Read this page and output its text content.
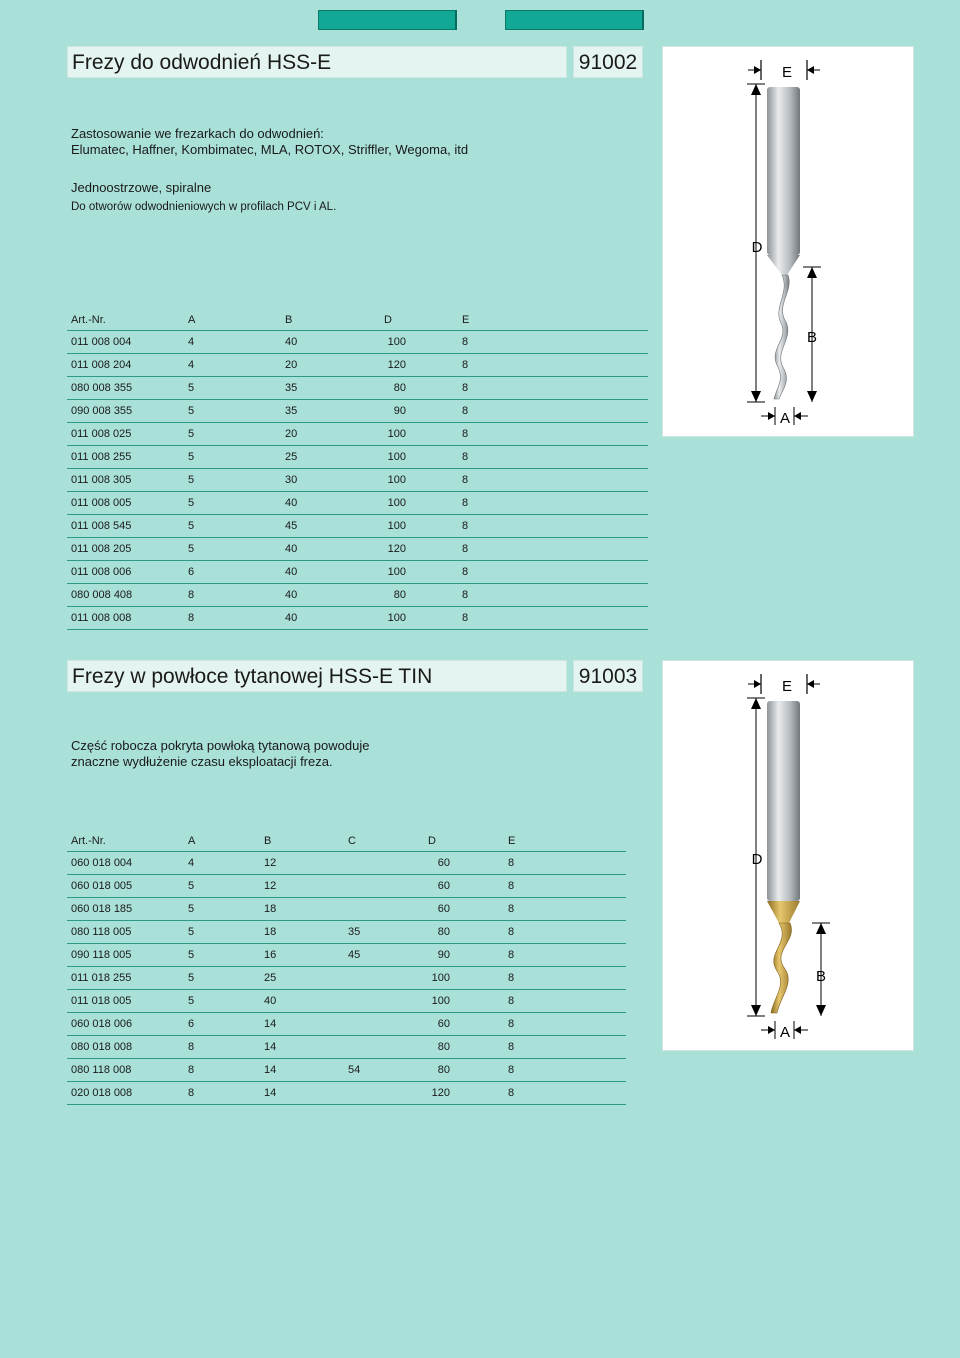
Frezy do odwodnień HSS-E	91002
Zastosowanie we frezarkach do odwodnień:
Elumatec, Haffner, Kombimatec, MLA, ROTOX, Striffler, Wegoma, itd
Jednoostrzowe, spiralne
Do otworów odwodnieniowych w profilach PCV i AL.
Art.-Nr.	A	B	D	E
011 008 004	4	40	100	8
011 008 204	4	20	120	8
080 008 355	5	35	80	8
090 008 355	5	35	90	8
011 008 025	5	20	100	8
011 008 255	5	25	100	8
011 008 305	5	30	100	8
011 008 005	5	40	100	8
011 008 545	5	45	100	8
011 008 205	5	40	120	8
011 008 006	6	40	100	8
080 008 408	8	40	80	8
011 008 008	8	40	100	8
E
D
B
A
Frezy w powłoce tytanowej HSS-E TIN	91003
Część robocza pokryta powłoką tytanową powoduje
znaczne wydłużenie czasu eksploatacji freza.
Art.-Nr.	A	B	C	D	E
060 018 004	4	12		60	8
060 018 005	5	12		60	8
060 018 185	5	18		60	8
080 118 005	5	18	35	80	8
090 118 005	5	16	45	90	8
011 018 255	5	25		100	8
011 018 005	5	40		100	8
060 018 006	6	14		60	8
080 018 008	8	14		80	8
080 118 008	8	14	54	80	8
020 018 008	8	14		120	8
E
D
B
A
